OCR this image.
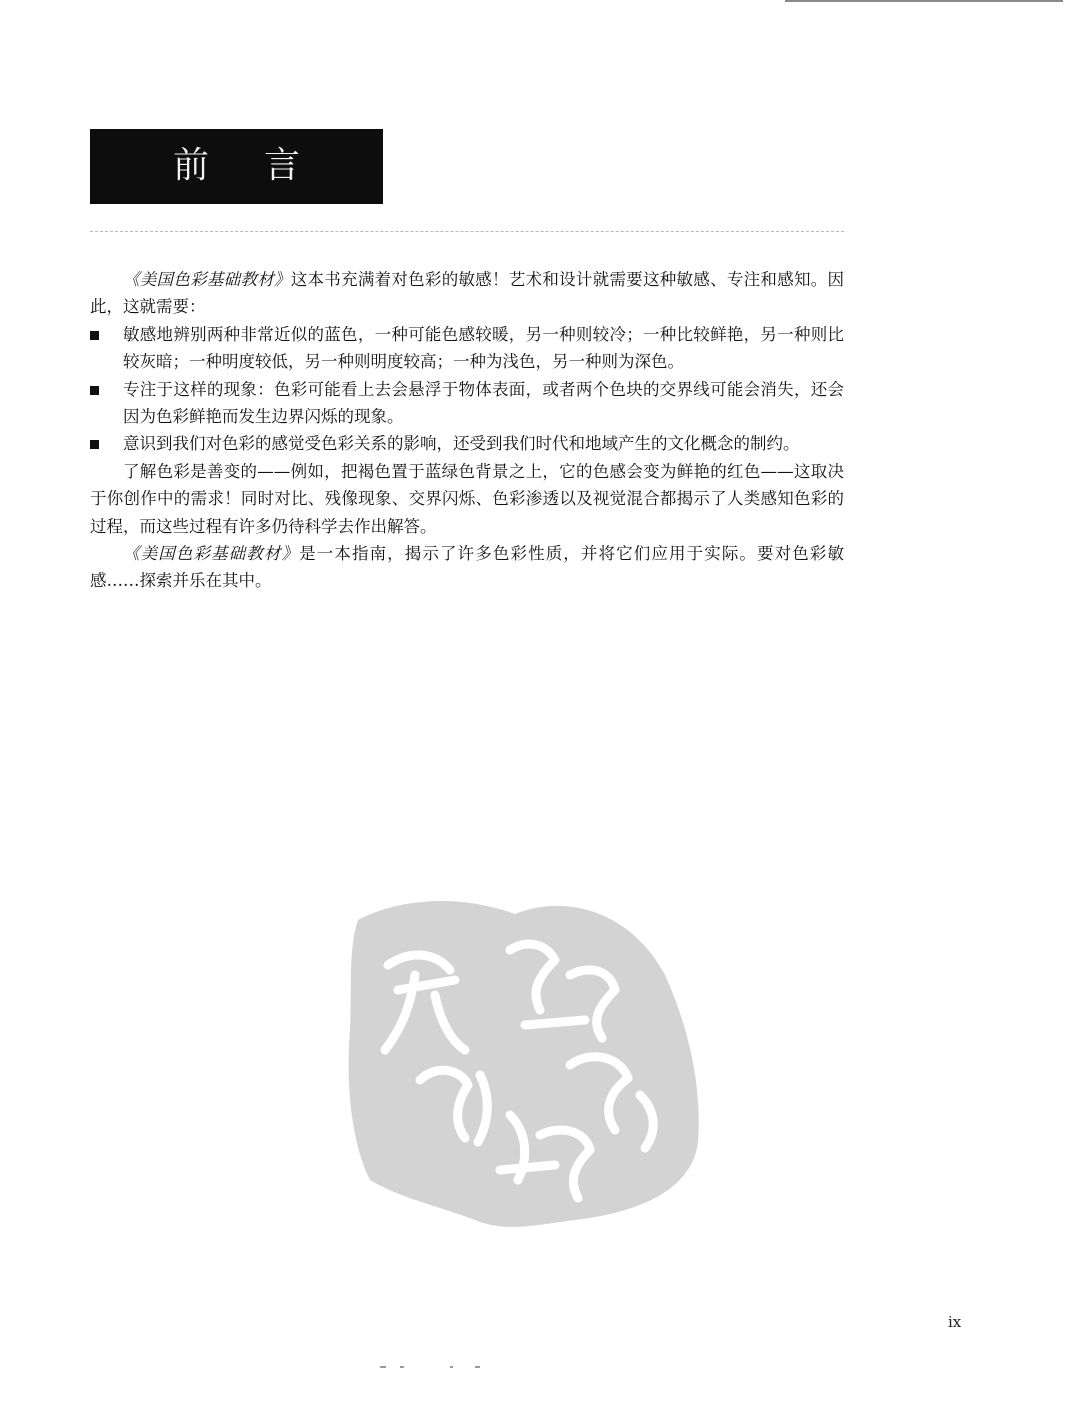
前 言

《美国色彩基础教材》这本书充满着对色彩的敏感！艺术和设计就需要这种敏感、专注和感知。因此，这就需要：

敏感地辨别两种非常近似的蓝色，一种可能色感较暖，另一种则较冷；一种比较鲜艳，另一种则比较灰暗；一种明度较低，另一种则明度较高；一种为浅色，另一种则为深色。
专注于这样的现象：色彩可能看上去会悬浮于物体表面，或者两个色块的交界线可能会消失，还会因为色彩鲜艳而发生边界闪烁的现象。
意识到我们对色彩的感觉受色彩关系的影响，还受到我们时代和地域产生的文化概念的制约。

了解色彩是善变的——例如，把褐色置于蓝绿色背景之上，它的色感会变为鲜艳的红色——这取决于你创作中的需求！同时对比、残像现象、交界闪烁、色彩渗透以及视觉混合都揭示了人类感知色彩的过程，而这些过程有许多仍待科学去作出解答。

《美国色彩基础教材》是一本指南，揭示了许多色彩性质，并将它们应用于实际。要对色彩敏感……探索并乐在其中。

ix
